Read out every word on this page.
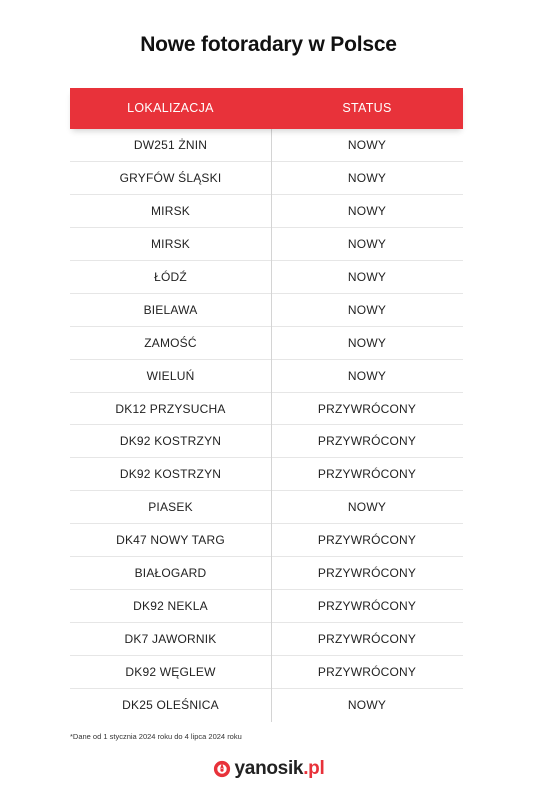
Nowe fotoradary w Polsce
LOKALIZACJA	STATUS
DW251 ŻNIN	NOWY
GRYFÓW ŚLĄSKI	NOWY
MIRSK	NOWY
MIRSK	NOWY
ŁÓDŹ	NOWY
BIELAWA	NOWY
ZAMOŚĆ	NOWY
WIELUŃ	NOWY
DK12 PRZYSUCHA	PRZYWRÓCONY
DK92 KOSTRZYN	PRZYWRÓCONY
DK92 KOSTRZYN	PRZYWRÓCONY
PIASEK	NOWY
DK47 NOWY TARG	PRZYWRÓCONY
BIAŁOGARD	PRZYWRÓCONY
DK92 NEKLA	PRZYWRÓCONY
DK7 JAWORNIK	PRZYWRÓCONY
DK92 WĘGLEW	PRZYWRÓCONY
DK25 OLEŚNICA	NOWY
*Dane od 1 stycznia 2024 roku do 4 lipca 2024 roku
yanosik.pl
